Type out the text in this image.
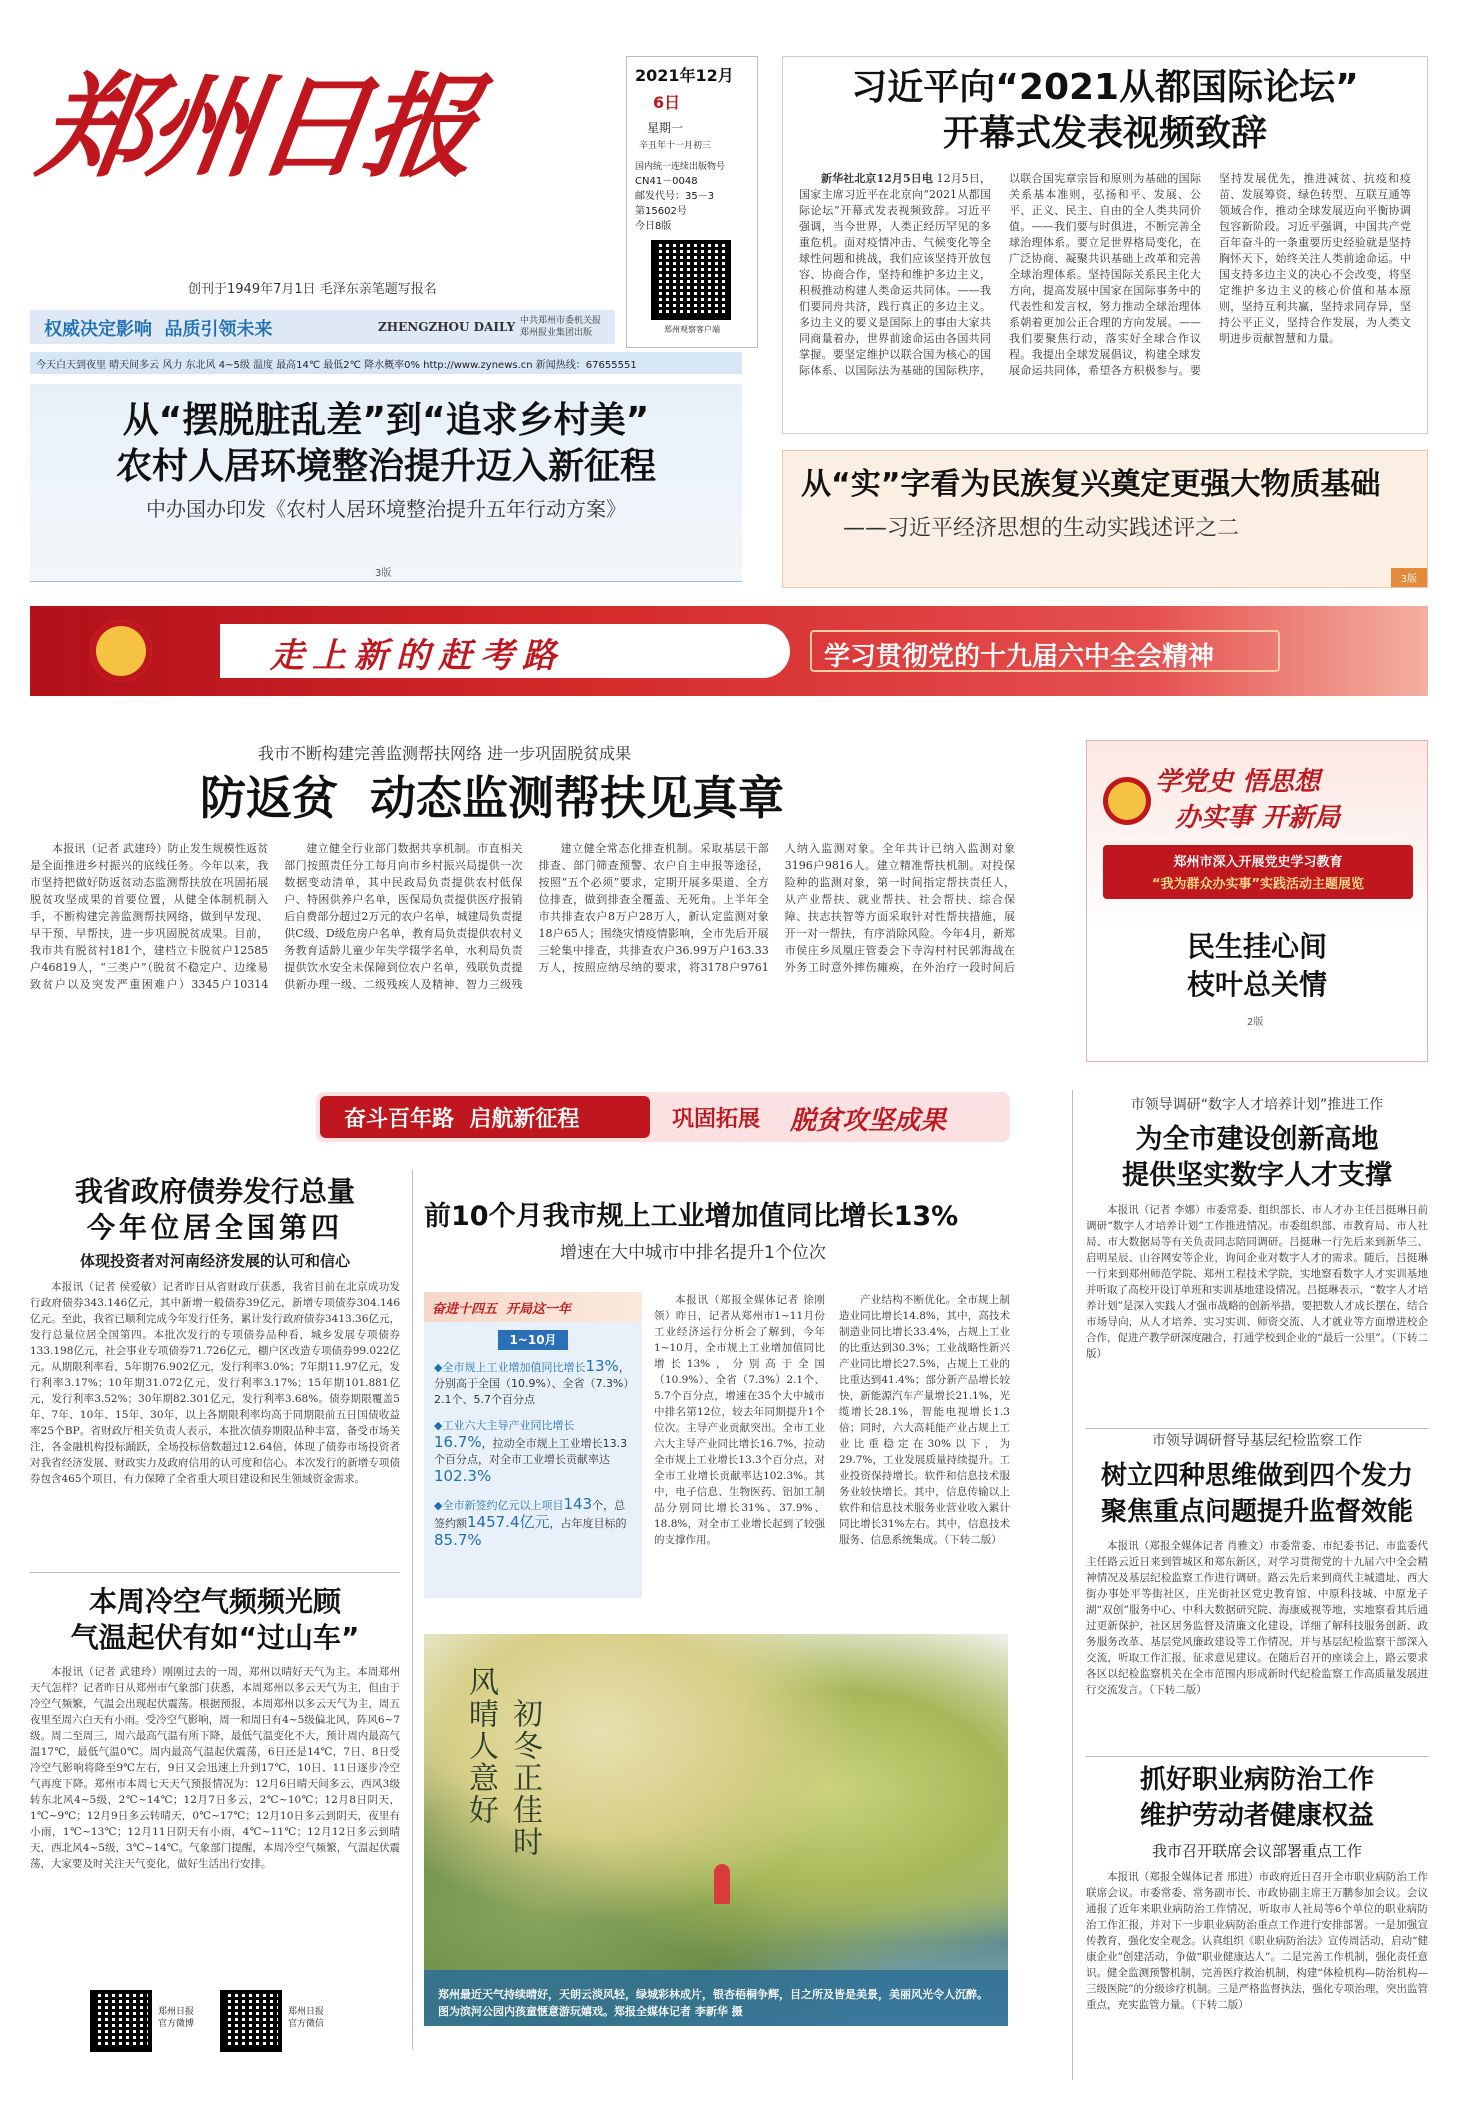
郑州日报
创刊于1949年7月1日 毛泽东亲笔题写报名
权威决定影响  品质引领未来	ZHENGZHOU DAILY 中共郑州市委机关报
郑州报业集团出版
今天白天到夜里 晴天间多云 风力 东北风 4~5级 温度 最高14℃ 最低2℃ 降水概率0% http://www.zynews.cn 新闻热线：67655551
2021年12月
6日
星期一
辛丑年十一月初三
国内统一连续出版物号
CN41－0048
邮发代号：35－3
第15602号
今日8版
郑州观察客户端
习近平向“2021从都国际论坛”
开幕式发表视频致辞

新华社北京12月5日电 12月5日，国家主席习近平在北京向“2021从都国际论坛”开幕式发表视频致辞。习近平强调，当今世界，人类正经历罕见的多重危机。面对疫情冲击、气候变化等全球性问题和挑战，我们应该坚持开放包容、协商合作，坚持和维护多边主义，积极推动构建人类命运共同体。——我们要同舟共济，践行真正的多边主义。多边主义的要义是国际上的事由大家共同商量着办，世界前途命运由各国共同掌握。要坚定维护以联合国为核心的国际体系、以国际法为基础的国际秩序，以联合国宪章宗旨和原则为基础的国际关系基本准则，弘扬和平、发展、公平、正义、民主、自由的全人类共同价值。——我们要与时俱进，不断完善全球治理体系。要立足世界格局变化，在广泛协商、凝聚共识基础上改革和完善全球治理体系。坚持国际关系民主化大方向，提高发展中国家在国际事务中的代表性和发言权，努力推动全球治理体系朝着更加公正合理的方向发展。——我们要聚焦行动，落实好全球合作议程。我提出全球发展倡议，构建全球发展命运共同体，希望各方积极参与。要坚持发展优先，推进减贫、抗疫和疫苗、发展筹资、绿色转型、互联互通等领域合作，推动全球发展迈向平衡协调包容新阶段。习近平强调，中国共产党百年奋斗的一条重要历史经验就是坚持胸怀天下，始终关注人类前途命运。中国支持多边主义的决心不会改变，将坚定维护多边主义的核心价值和基本原则，坚持互利共赢，坚持求同存异，坚持公平正义，坚持合作发展，为人类文明进步贡献智慧和力量。

从“摆脱脏乱差”到“追求乡村美”
农村人居环境整治提升迈入新征程
中办国办印发《农村人居环境整治提升五年行动方案》
3版
从“实”字看为民族复兴奠定更强大物质基础
——习近平经济思想的生动实践述评之二
3版
走上新的赶考路	学习贯彻党的十九届六中全会精神
我市不断构建完善监测帮扶网络 进一步巩固脱贫成果
防返贫  动态监测帮扶见真章

本报讯（记者 武建玲）防止发生规模性返贫是全面推进乡村振兴的底线任务。今年以来，我市坚持把做好防返贫动态监测帮扶放在巩固拓展脱贫攻坚成果的首要位置，从健全体制机制入手，不断构建完善监测帮扶网络，做到早发现、早干预、早帮扶，进一步巩固脱贫成果。目前，我市共有脱贫村181个，建档立卡脱贫户12585户46819人，“三类户”（脱贫不稳定户、边缘易致贫户以及突发严重困难户）3345户10314

建立健全行业部门数据共享机制。市直相关部门按照责任分工每月向市乡村振兴局提供一次数据变动清单，其中民政局负责提供农村低保户、特困供养户名单，医保局负责提供医疗报销后自费部分超过2万元的农户名单，城建局负责提供C级、D级危房户名单，教育局负责提供农村义务教育适龄儿童少年失学辍学名单，水利局负责提供饮水安全未保障到位农户名单，残联负责提供新办理一级、二级残疾人及精神、智力三级残

建立健全常态化排查机制。采取基层干部排查、部门筛查预警、农户自主申报等途径，按照“五个必须”要求，定期开展多渠道、全方位排查，做到排查全覆盖、无死角。上半年全市共排查农户8万户28万人，新认定监测对象18户65人；围绕灾情疫情影响，全市先后开展三轮集中排查，共排查农户36.99万户163.33万人，按照应纳尽纳的要求，将3178户9761人纳入监测对象。全年共计已纳入监测对象3196户9816人。建立精准帮扶机制。对投保险种的监测对象，第一时间指定帮扶责任人，从产业帮扶、就业帮扶、社会帮扶、综合保障、扶志扶智等方面采取针对性帮扶措施，展开一对一帮扶，有序消除风险。今年4月，新郑市侯庄乡凤凰庄管委会下寺沟村村民郭海战在外务工时意外摔伤瘫痪，在外治疗一段时间后

学党史 悟思想
办实事 开新局
郑州市深入开展党史学习教育
“我为群众办实事”实践活动主题展览
民生挂心间
枝叶总关情
2版
奋斗百年路  启航新征程	巩固拓展 脱贫攻坚成果
我省政府债券发行总量
今年位居全国第四
体现投资者对河南经济发展的认可和信心

本报讯（记者 侯爱敏）记者昨日从省财政厅获悉，我省目前在北京成功发行政府债券343.146亿元，其中新增一般债券39亿元，新增专项债券304.146亿元。至此，我省已顺利完成今年发行任务，累计发行政府债券3413.36亿元，发行总量位居全国第四。本批次发行的专项债券品种看，城乡发展专项债券133.198亿元，社会事业专项债券71.726亿元，棚户区改造专项债券99.022亿元。从期限利率看，5年期76.902亿元，发行利率3.0%；7年期11.97亿元，发行利率3.17%；10年期31.072亿元，发行利率3.17%；15年期101.881亿元，发行利率3.52%；30年期82.301亿元，发行利率3.68%。债券期限覆盖5年、7年、10年、15年、30年，以上各期限利率均高于同期限前五日国债收益率25个BP。省财政厅相关负责人表示，本批次债券期限品种丰富，备受市场关注，各金融机构投标踊跃，全场投标倍数超过12.64倍，体现了债券市场投资者对我省经济发展、财政实力及政府信用的认可度和信心。本次发行的新增专项债券包含465个项目，有力保障了全省重大项目建设和民生领域资金需求。

本周冷空气频频光顾
气温起伏有如“过山车”

本报讯（记者 武建玲）刚刚过去的一周，郑州以晴好天气为主。本周郑州天气怎样？记者昨日从郑州市气象部门获悉，本周郑州以多云天气为主，但由于冷空气频繁，气温会出现起伏震荡。根据预报，本周郑州以多云天气为主，周五夜里至周六白天有小雨。受冷空气影响，周一和周日有4~5级偏北风，阵风6~7级。周二至周三，周六最高气温有所下降，最低气温变化不大，预计周内最高气温17℃，最低气温0℃。周内最高气温起伏震荡，6日还是14℃，7日、8日受冷空气影响将降至9℃左右，9日又会迅速上升到17℃，10日、11日逐步冷空气再度下降。郑州市本周七天天气预报情况为：12月6日晴天间多云，西风3级转东北风4~5级，2℃~14℃；12月7日多云，2℃~10℃；12月8日阴天，1℃~9℃；12月9日多云转晴天，0℃~17℃；12月10日多云到阴天，夜里有小雨，1℃~13℃；12月11日阴天有小雨，4℃~11℃；12月12日多云到晴天，西北风4~5级，3℃~14℃。气象部门提醒，本周冷空气频繁，气温起伏震荡，大家要及时关注天气变化，做好生活出行安排。

郑州日报
官方微博
郑州日报
官方微信
前10个月我市规上工业增加值同比增长13%
增速在大中城市中排名提升1个位次
奋进十四五  开局这一年
1~10月
◆全市规上工业增加值同比增长13%，分别高于全国（10.9%）、全省（7.3%）2.1个、5.7个百分点
◆工业六大主导产业同比增长16.7%，拉动全市规上工业增长13.3个百分点，对全市工业增长贡献率达102.3%
◆全市新签约亿元以上项目143个，总签约额1457.4亿元，占年度目标的85.7%

本报讯（郑报全媒体记者 徐刚领）昨日，记者从郑州市1~11月份工业经济运行分析会了解到，今年1~10月，全市规上工业增加值同比增长13%，分别高于全国（10.9%）、全省（7.3%）2.1个、5.7个百分点，增速在35个大中城市中排名第12位，较去年同期提升1个位次。主导产业贡献突出。全市工业六大主导产业同比增长16.7%，拉动全市规上工业增长13.3个百分点，对全市工业增长贡献率达102.3%。其中，电子信息、生物医药、铝加工制品分别同比增长31%、37.9%、18.8%，对全市工业增长起到了较强的支撑作用。

产业结构不断优化。全市规上制造业同比增长14.8%，其中，高技术制造业同比增长33.4%，占规上工业的比重达到30.3%；工业战略性新兴产业同比增长27.5%，占规上工业的比重达到41.4%；部分新产品增长较快，新能源汽车产量增长21.1%，光缆增长28.1%，智能电视增长1.3倍；同时，六大高耗能产业占规上工业比重稳定在30%以下，为29.7%，工业发展质量持续提升。工业投资保持增长。软件和信息技术服务业较快增长。其中，信息传输以上软件和信息技术服务业营业收入累计同比增长31%左右。其中，信息技术服务、信息系统集成。（下转二版）

风晴人意好 初冬正佳时
郑州最近天气持续晴好，天朗云淡风轻，绿城彩林成片，银杏梧桐争辉，目之所及皆是美景，美丽风光令人沉醉。图为滨河公园内孩童惬意游玩嬉戏。郑报全媒体记者 李新华 摄
市领导调研“数字人才培养计划”推进工作
为全市建设创新高地
提供坚实数字人才支撑

本报讯（记者 李娜）市委常委、组织部长、市人才办主任吕挺琳日前调研“数字人才培养计划”工作推进情况。市委组织部、市教育局、市人社局、市大数据局等有关负责同志陪同调研。吕挺琳一行先后来到新华三、启明星辰、山谷网安等企业，询问企业对数字人才的需求。随后，吕挺琳一行来到郑州师范学院、郑州工程技术学院，实地察看数字人才实训基地并听取了高校开设订单班和实训基地建设情况。吕挺琳表示，“数字人才培养计划”是深入实践人才强市战略的创新举措，要把数人才成长摆在，结合市场导向，从人才培养、实习实训、师资交流、人才就业等方面增进校企合作，促进产教学研深度融合，打通学校到企业的“最后一公里”。（下转二版）

市领导调研督导基层纪检监察工作
树立四种思维做到四个发力
聚焦重点问题提升监督效能

本报讯（郑报全媒体记者 肖雅文）市委常委、市纪委书记、市监委代主任路云近日来到管城区和郑东新区，对学习贯彻党的十九届六中全会精神情况及基层纪检监察工作进行调研。路云先后来到商代主城遗址、西大街办事处平等街社区，庄光街社区党史教育馆、中原科技城、中原龙子湖“双创”服务中心、中科大数据研究院、海康威视等地，实地察看其后通过更新保护，社区居务监督及清廉文化建设，详细了解科技服务创新、政务服务改革、基层党风廉政建设等工作情况，并与基层纪检监察干部深入交流，听取工作汇报，征求意见建议。在随后召开的座谈会上，路云要求各区以纪检监察机关在全市范围内形成新时代纪检监察工作高质量发展进行交流发言。（下转二版）

抓好职业病防治工作
维护劳动者健康权益
我市召开联席会议部署重点工作

本报讯（郑报全媒体记者 邢进）市政府近日召开全市职业病防治工作联席会议。市委常委、常务副市长、市政协副主席王万鹏参加会议。会议通报了近年来职业病防治工作情况，听取市人社局等6个单位的职业病防治工作汇报，并对下一步职业病防治重点工作进行安排部署。一是加强宣传教育，强化安全观念。认真组织《职业病防治法》宣传周活动，启动“健康企业”创建活动，争做“职业健康达人”。二是完善工作机制，强化责任意识。健全监测预警机制，完善医疗救治机制，构建“体检机构—防治机构—三级医院”的分级诊疗机制。三是严格监督执法，强化专项治理，突出监管重点，充实监管力量。（下转二版）
